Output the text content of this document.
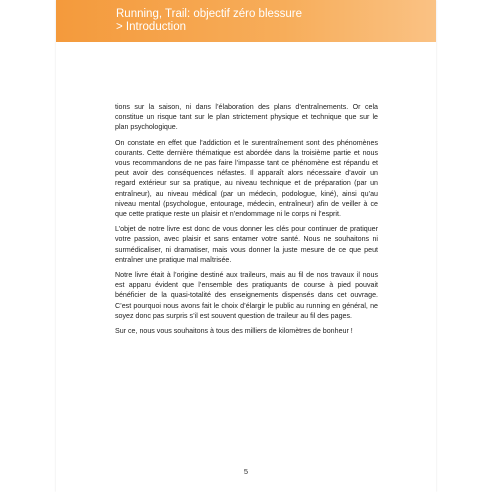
Running, Trail: objectif zéro blessure
> Introduction

tions sur la saison, ni dans l’élaboration des plans d’entraînements. Or cela constitue un risque tant sur le plan strictement physique et technique que sur le plan psychologique.

On constate en effet que l’addiction et le surentraînement sont des phénomènes courants. Cette dernière thématique est abordée dans la troisième partie et nous vous recommandons de ne pas faire l’impasse tant ce phénomène est répandu et peut avoir des conséquences néfastes. Il apparaît alors nécessaire d’avoir un regard extérieur sur sa pratique, au niveau technique et de préparation (par un entraîneur), au niveau médical (par un médecin, podologue, kiné), ainsi qu’au niveau mental (psychologue, entourage, médecin, entraîneur) afin de veiller à ce que cette pratique reste un plaisir et n’endommage ni le corps ni l’esprit.

L’objet de notre livre est donc de vous donner les clés pour continuer de pratiquer votre passion, avec plaisir et sans entamer votre santé. Nous ne souhaitons ni surmédicaliser, ni dramatiser, mais vous donner la juste mesure de ce que peut entraîner une pratique mal maîtrisée.

Notre livre était à l’origine destiné aux traileurs, mais au fil de nos travaux il nous est apparu évident que l’ensemble des pratiquants de course à pied pouvait bénéficier de la quasi-totalité des enseignements dispensés dans cet ouvrage. C’est pourquoi nous avons fait le choix d’élargir le public au running en général, ne soyez donc pas surpris s’il est souvent question de traileur au fil des pages.

Sur ce, nous vous souhaitons à tous des milliers de kilomètres de bonheur !

5
